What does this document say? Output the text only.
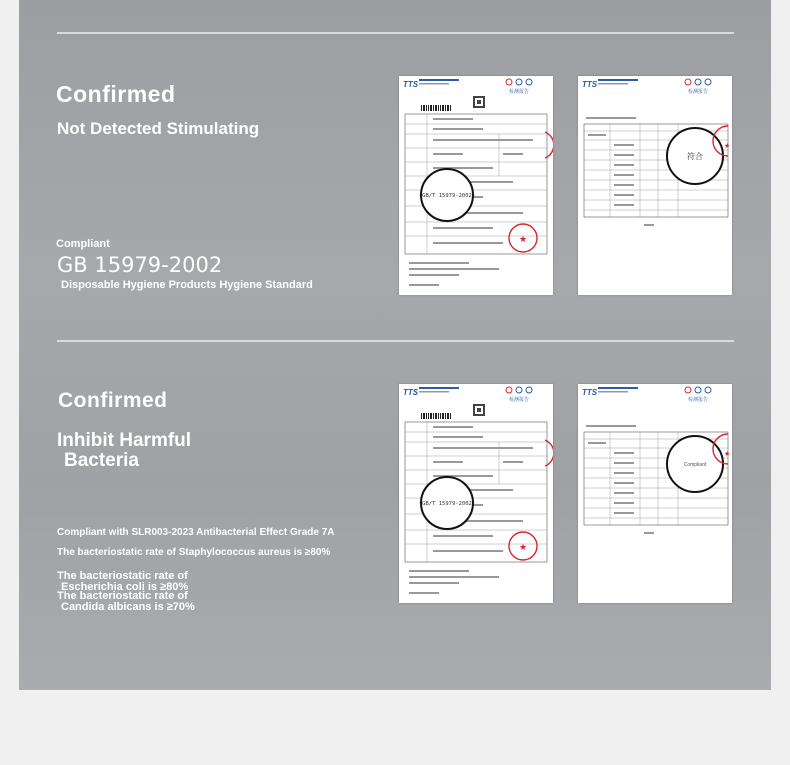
Confirmed
Not Detected Stimulating
Compliant
GB 15979-2002
Disposable Hygiene Products Hygiene Standard
Confirmed
Inhibit Harmful
Bacteria
Compliant with SLR003-2023 Antibacterial Effect Grade 7A
The bacteriostatic rate of Staphylococcus aureus is ≥80%
The bacteriostatic rate of
Escherichia coli is ≥80%
The bacteriostatic rate of
Candida albicans is ≥70%
TTS
检测报告
《GB/T 15979-2002》
★
TTS
检测报告
符合
★
TTS
检测报告
《GB/T 15979-2002》
★
TTS
检测报告
Compliant
★
